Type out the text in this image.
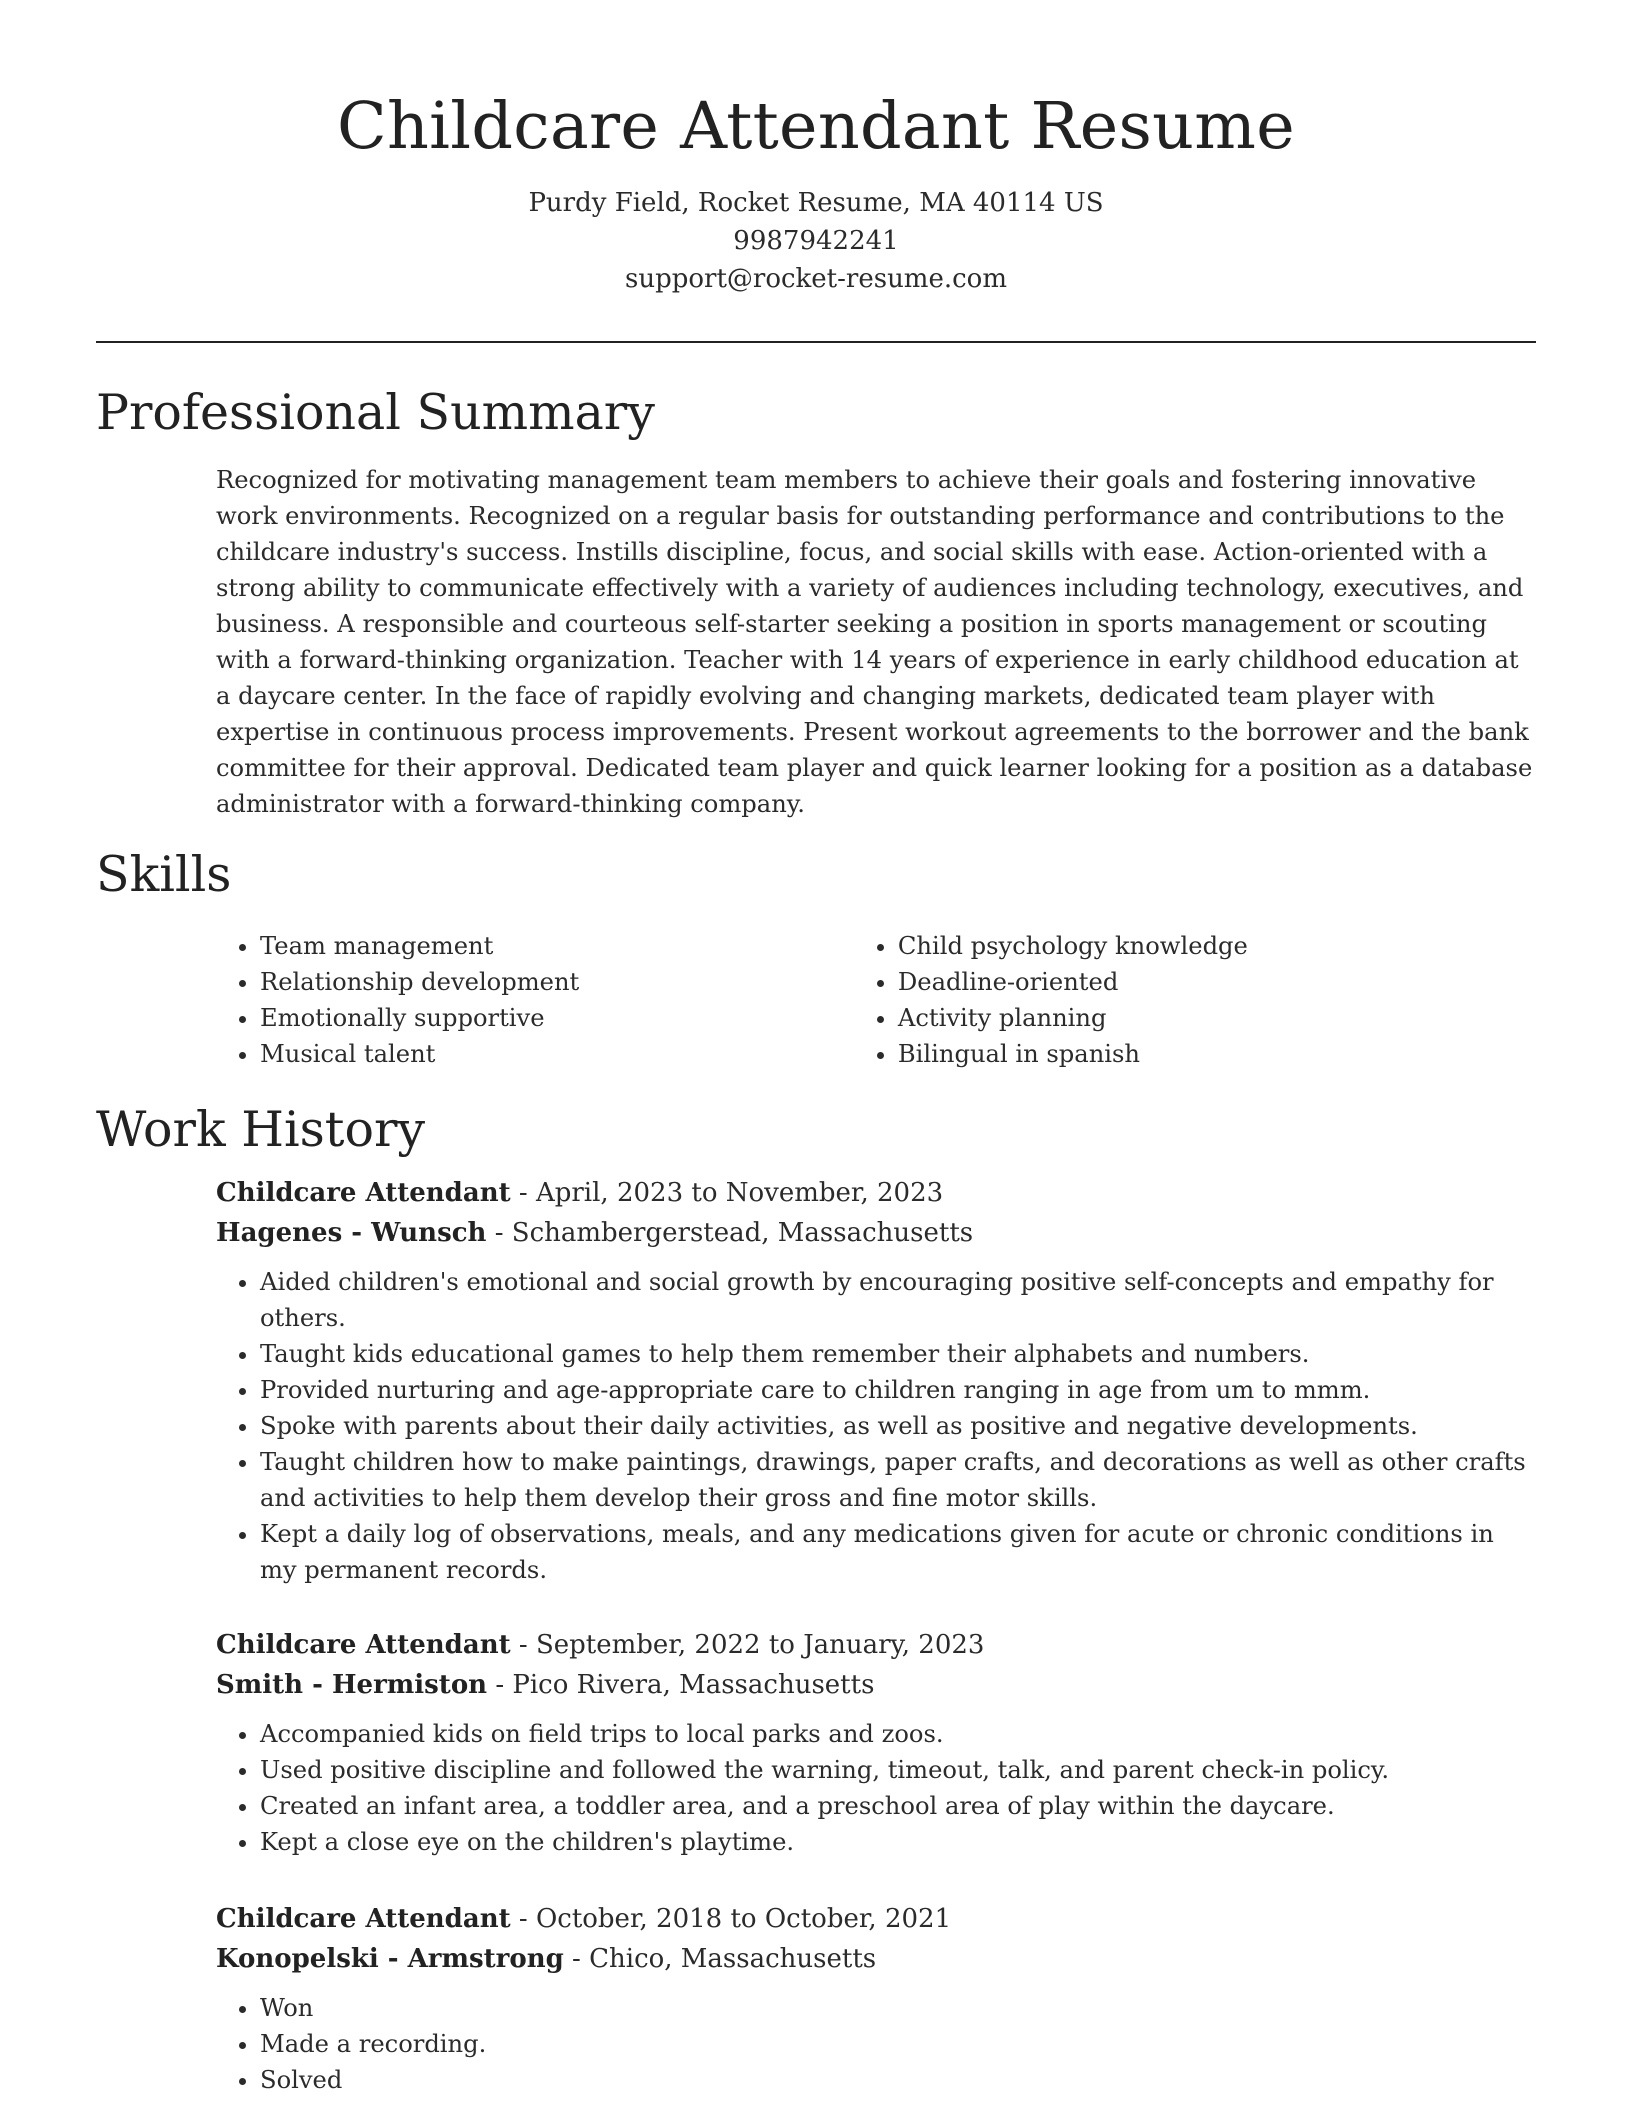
Childcare Attendant Resume
Purdy Field, Rocket Resume, MA 40114 US
9987942241
support@rocket-resume.com
Professional Summary

Recognized for motivating management team members to achieve their goals and fostering innovative work environments. Recognized on a regular basis for outstanding performance and contributions to the childcare industry's success. Instills discipline, focus, and social skills with ease. Action-oriented with a strong ability to communicate effectively with a variety of audiences including technology, executives, and business. A responsible and courteous self-starter seeking a position in sports management or scouting with a forward-thinking organization. Teacher with 14 years of experience in early childhood education at a daycare center. In the face of rapidly evolving and changing markets, dedicated team player with expertise in continuous process improvements. Present workout agreements to the borrower and the bank committee for their approval. Dedicated team player and quick learner looking for a position as a database administrator with a forward-thinking company.

Skills
• Team management
• Relationship development
• Emotionally supportive
• Musical talent
• Child psychology knowledge
• Deadline-oriented
• Activity planning
• Bilingual in spanish
Work History
Childcare Attendant - April, 2023 to November, 2023
Hagenes - Wunsch - Schambergerstead, Massachusetts
• Aided children's emotional and social growth by encouraging positive self-concepts and empathy for others.
• Taught kids educational games to help them remember their alphabets and numbers.
• Provided nurturing and age-appropriate care to children ranging in age from um to mmm.
• Spoke with parents about their daily activities, as well as positive and negative developments.
• Taught children how to make paintings, drawings, paper crafts, and decorations as well as other crafts and activities to help them develop their gross and fine motor skills.
• Kept a daily log of observations, meals, and any medications given for acute or chronic conditions in my permanent records.
Childcare Attendant - September, 2022 to January, 2023
Smith - Hermiston - Pico Rivera, Massachusetts
• Accompanied kids on field trips to local parks and zoos.
• Used positive discipline and followed the warning, timeout, talk, and parent check-in policy.
• Created an infant area, a toddler area, and a preschool area of play within the daycare.
• Kept a close eye on the children's playtime.
Childcare Attendant - October, 2018 to October, 2021
Konopelski - Armstrong - Chico, Massachusetts
• Won
• Made a recording.
• Solved
